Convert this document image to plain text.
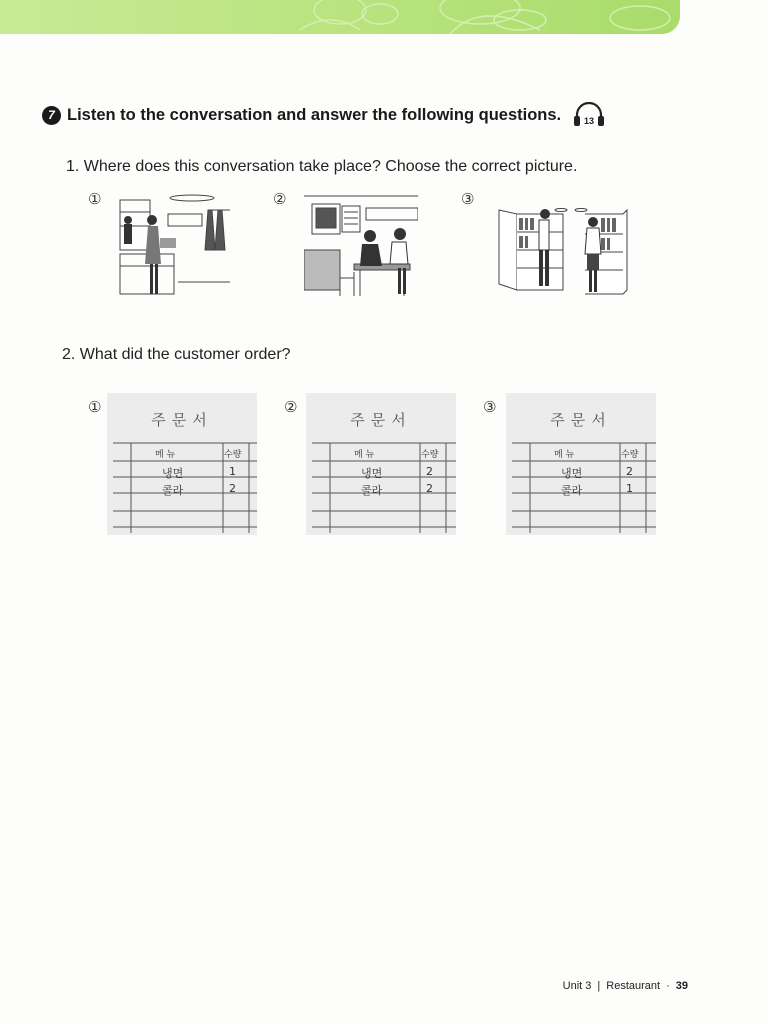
7 Listen to the conversation and answer the following questions.	13
1. Where does this conversation take place? Choose the correct picture.
①	②	③
2. What did the customer order?
①	②	③
주문서
메 뉴	수량
냉면	1
콜라	2
주문서
메 뉴	수량
냉면	2
콜라	2
주문서
메 뉴	수량
냉면	2
콜라	1
Unit 3 | Restaurant · 39
